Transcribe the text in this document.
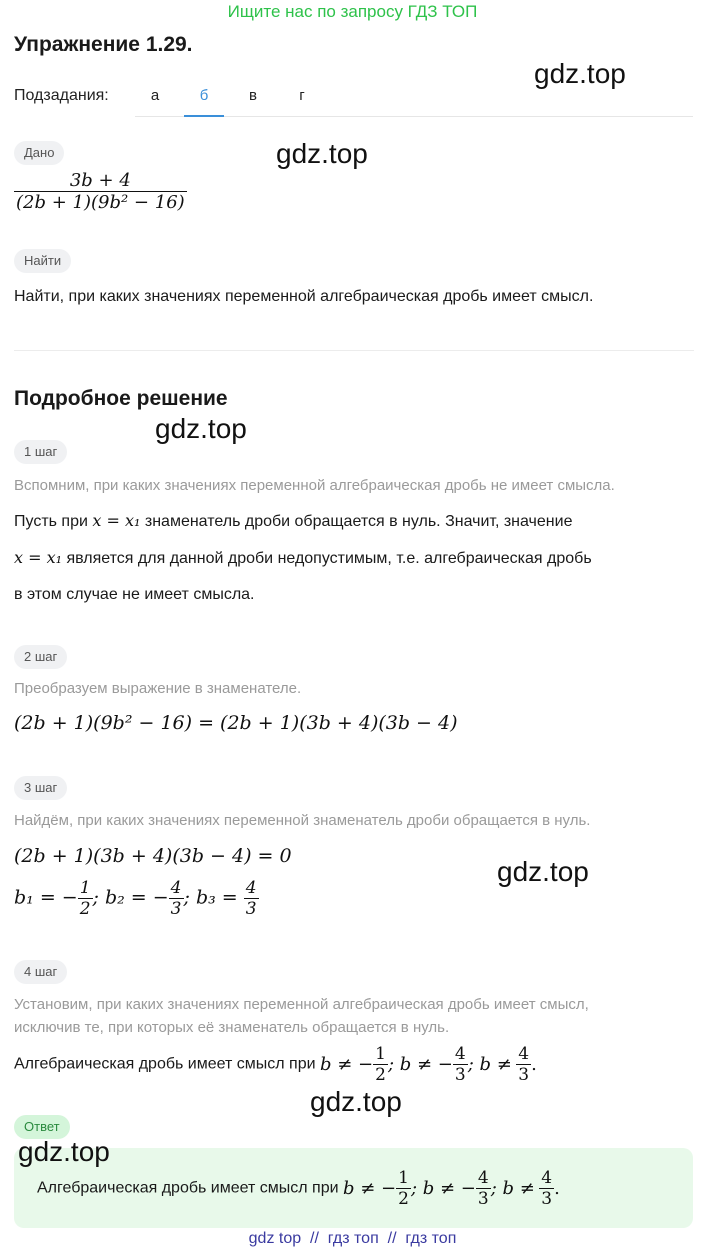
Ищите нас по запросу ГДЗ ТОП
Упражнение 1.29.
gdz.top
Подзадания:	а	б	в	г
Дано	gdz.top
$\frac{3b + 4}{\text{(2b + 1)(9b² − 16)}}$
Найти
Найти, при каких значениях переменной алгебраическая дробь имеет смысл.
Подробное решение
gdz.top
1 шаг
Вспомним, при каких значениях переменной алгебраическая дробь не имеет смысла.
Пусть при x = x₁ знаменатель дроби обращается в нуль. Значит, значение
x = x₁ является для данной дроби недопустимым, т.е. алгебраическая дробь
в этом случае не имеет смысла.
2 шаг
Преобразуем выражение в знаменателе.
(2b + 1)(9b² − 16) = (2b + 1)(3b + 4)(3b − 4)
3 шаг
Найдём, при каких значениях переменной знаменатель дроби обращается в нуль.
(2b + 1)(3b + 4)(3b − 4) = 0	gdz.top
b₁ = − $\frac{1}{2}$ ; b₂ = − $\frac{4}{3}$ ; $b_3 = \frac{4}{3}$
4 шаг
Установим, при каких значениях переменной алгебраическая дробь имеет смысл,
исключив те, при которых её знаменатель обращается в нуль.
Алгебраическая дробь имеет смысл при b ≠ − $\frac{1}{2}$ ; b ≠ − $\frac{4}{3}$ ; $b \ne \frac{4}{3}$ .
gdz.top
Ответ
gdz.top
Алгебраическая дробь имеет смысл при b ≠ − $\frac{1}{2}$ ; b ≠ − $\frac{4}{3}$ ; $b \ne \frac{4}{3}$ .
gdz top  //  гдз топ  //  гдз топ
